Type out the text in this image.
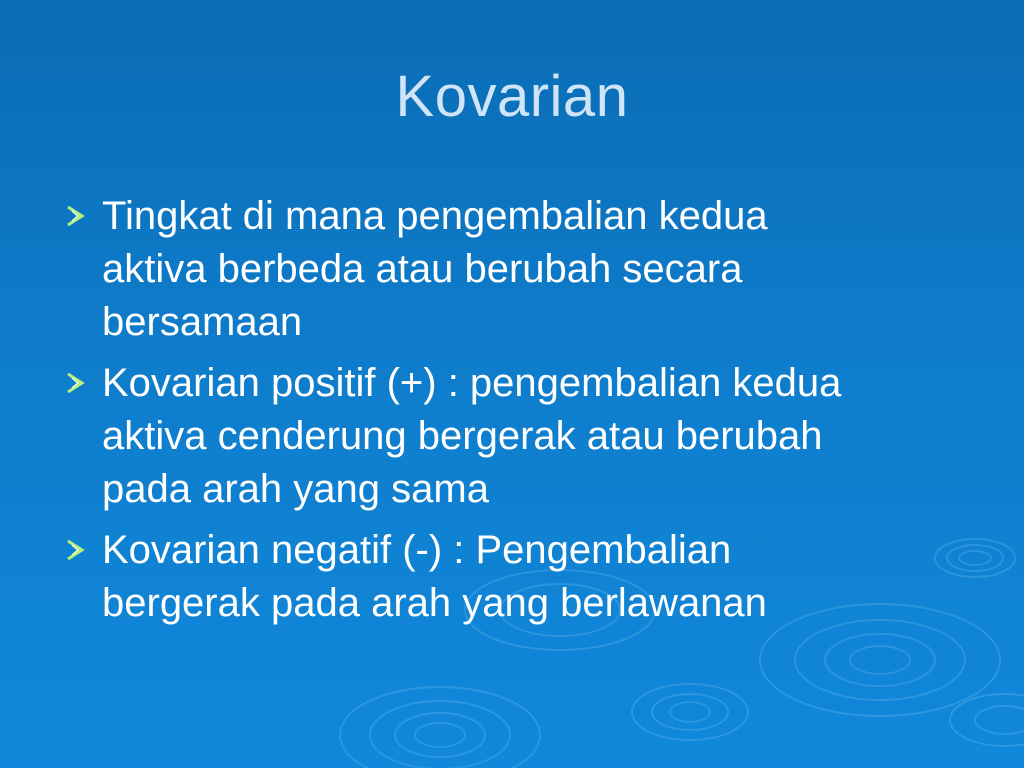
Kovarian
Tingkat di mana pengembalian kedua
aktiva berbeda atau berubah secara
bersamaan
Kovarian positif (+) : pengembalian kedua
aktiva cenderung bergerak atau berubah
pada arah yang sama
Kovarian negatif (-) : Pengembalian
bergerak pada arah yang berlawanan
